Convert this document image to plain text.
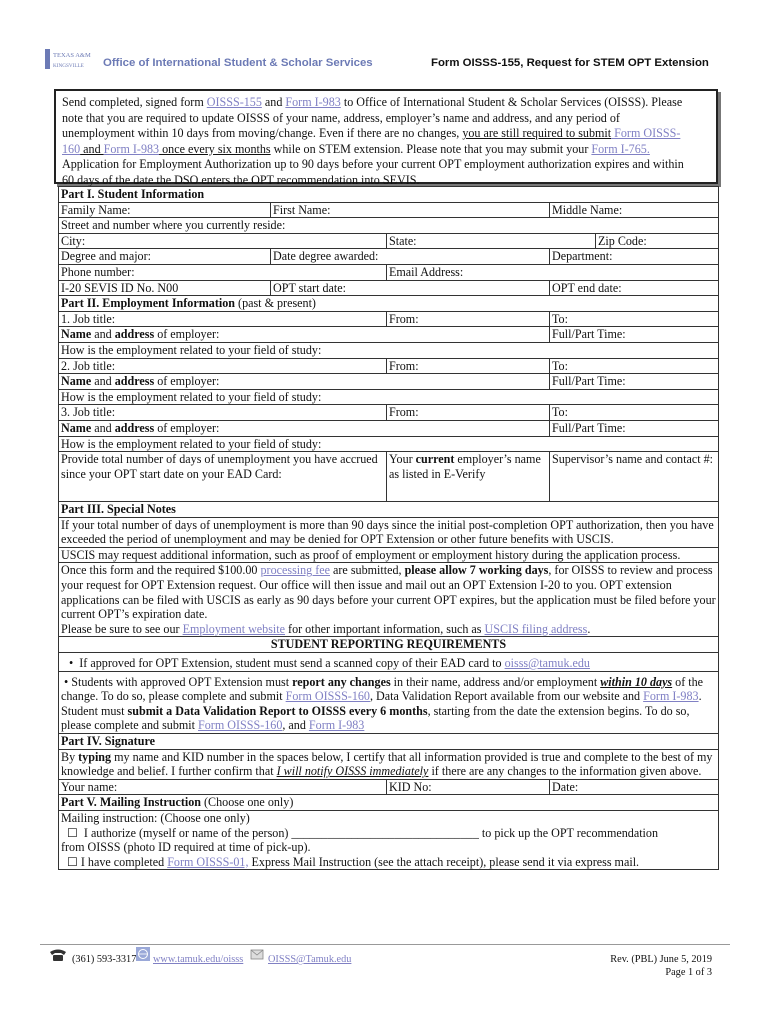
TEXAS A&M
KINGSVILLE Office of International Student & Scholar Services	Form OISSS-155, Request for STEM OPT Extension
Send completed, signed form OISSS-155 and Form I-983 to Office of International Student & Scholar Services (OISSS). Please
note that you are required to update OISSS of your name, address, employer’s name and address, and any period of
unemployment within 10 days from moving/change. Even if there are no changes, you are still required to submit Form OISSS-
160 and Form I-983 once every six months while on STEM extension. Please note that you may submit your Form I-765.
Application for Employment Authorization up to 90 days before your current OPT employment authorization expires and within
60 days of the date the DSO enters the OPT recommendation into SEVIS.
Part I. Student Information				
Family Name:	First Name:		Middle Name:	
Street and number where you currently reside:				
City:		State:		Zip Code:
Degree and major:	Date degree awarded:		Department:	
Phone number:		Email Address:		
I-20 SEVIS ID No. N00	OPT start date:		OPT end date:	
Part II. Employment Information (past & present)				
1. Job title:		From:	To:	
Name and address of employer:			Full/Part Time:	
How is the employment related to your field of study:				
2. Job title:		From:	To:	
Name and address of employer:			Full/Part Time:	
How is the employment related to your field of study:				
3. Job title:		From:	To:	
Name and address of employer:			Full/Part Time:	
How is the employment related to your field of study:				
Provide total number of days of unemployment you have accrued since your OPT start date on your EAD Card:		Your current employer’s name as listed in E-Verify	Supervisor’s name and contact #:	
Part III. Special Notes				
If your total number of days of unemployment is more than 90 days since the initial post-completion OPT authorization, then you have exceeded the period of unemployment and may be denied for OPT Extension or other future benefits with USCIS.				
USCIS may request additional information, such as proof of employment or employment history during the application process.				
Once this form and the required $100.00 processing fee are submitted, please allow 7 working days, for OISSS to review and process your request for OPT Extension request. Our office will then issue and mail out an OPT Extension I-20 to you. OPT extension applications can be filed with USCIS as early as 90 days before your current OPT expires, but the application must be filed before your current OPT’s expiration date.
Please be sure to see our Employment website for other important information, such as USCIS filing address.				
STUDENT REPORTING REQUIREMENTS				
•  If approved for OPT Extension, student must send a scanned copy of their EAD card to oisss@tamuk.edu				
• Students with approved OPT Extension must report any changes in their name, address and/or employment within 10 days of the change. To do so, please complete and submit Form OISSS-160, Data Validation Report available from our website and Form I-983. Student must submit a Data Validation Report to OISSS every 6 months, starting from the date the extension begins. To do so, please complete and submit Form OISSS-160, and Form I-983				
Part IV. Signature				
By typing my name and KID number in the spaces below, I certify that all information provided is true and complete to the best of my knowledge and belief. I further confirm that I will notify OISSS immediately if there are any changes to the information given above.				
Your name:		KID No:	Date:	
Part V. Mailing Instruction (Choose one only)				

Mailing instruction: (Choose one only)
☐ I authorize (myself or name of the person) _______________________________ to pick up the OPT recommendation
from OISSS (photo ID required at time of pick-up).
☐ I have completed Form OISSS-01, Express Mail Instruction (see the attach receipt), please send it via express mail.				
(361) 593-3317 www.tamuk.edu/oisss OISSS@Tamuk.edu	Rev. (PBL) June 5, 2019
Page 1 of 3
